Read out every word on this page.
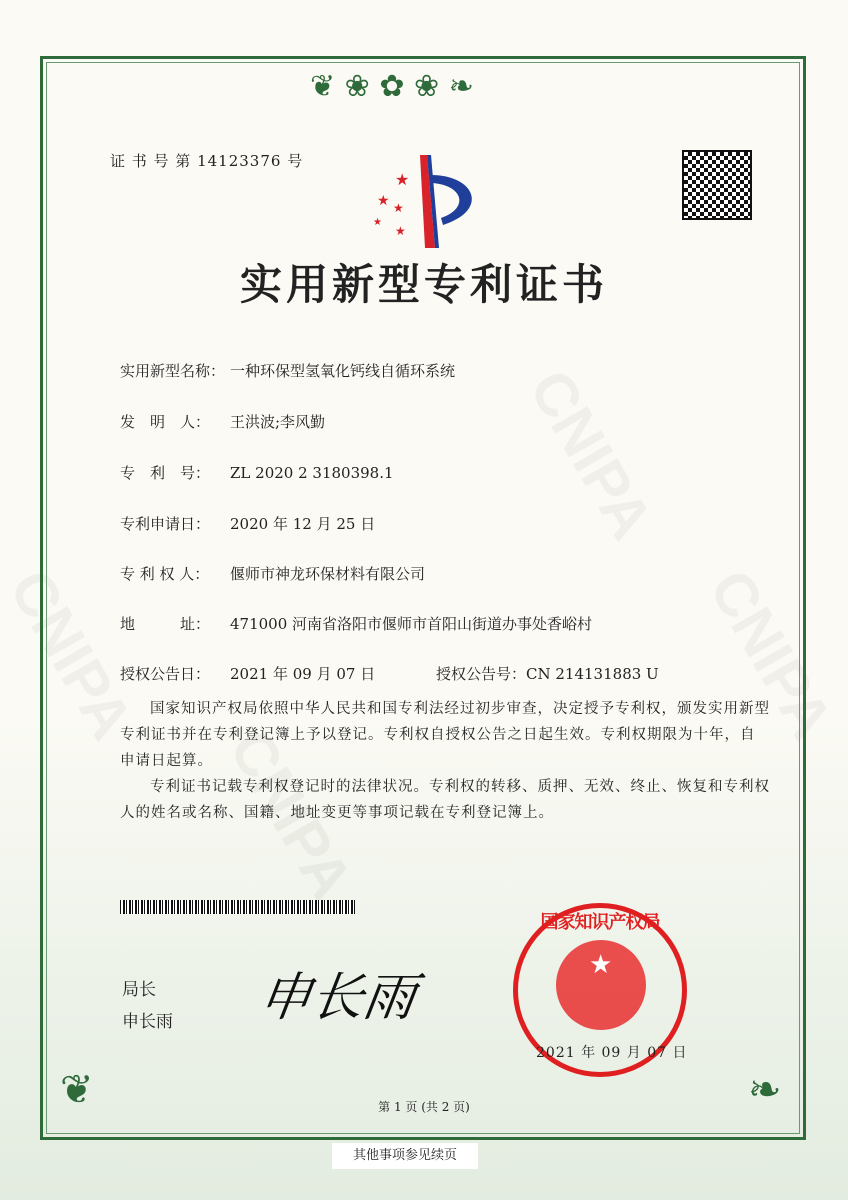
❦ ❀ ✿ ❀ ❧
❦	❧
证 书 号 第 14123376 号
★
★ ★
★
★
实用新型专利证书
实用新型名称： 一种环保型氢氧化钙线自循环系统
发　明　人： 王洪波;李风勤
专　利　号： ZL 2020 2 3180398.1
专利申请日： 2020 年 12 月 25 日
专 利 权 人： 偃师市神龙环保材料有限公司
地　　　址： 471000 河南省洛阳市偃师市首阳山街道办事处香峪村
授权公告日： 2021 年 09 月 07 日	授权公告号：CN 214131883 U
国家知识产权局依照中华人民共和国专利法经过初步审查，决定授予专利权，颁发实用新型专利证书并在专利登记簿上予以登记。专利权自授权公告之日起生效。专利权期限为十年，自申请日起算。
专利证书记载专利权登记时的法律状况。专利权的转移、质押、无效、终止、恢复和专利权人的姓名或名称、国籍、地址变更等事项记载在专利登记簿上。
局长
申长雨 申长雨
★
国家知识产权局
2021 年 09 月 07 日
第 1 页 (共 2 页)
其他事项参见续页
